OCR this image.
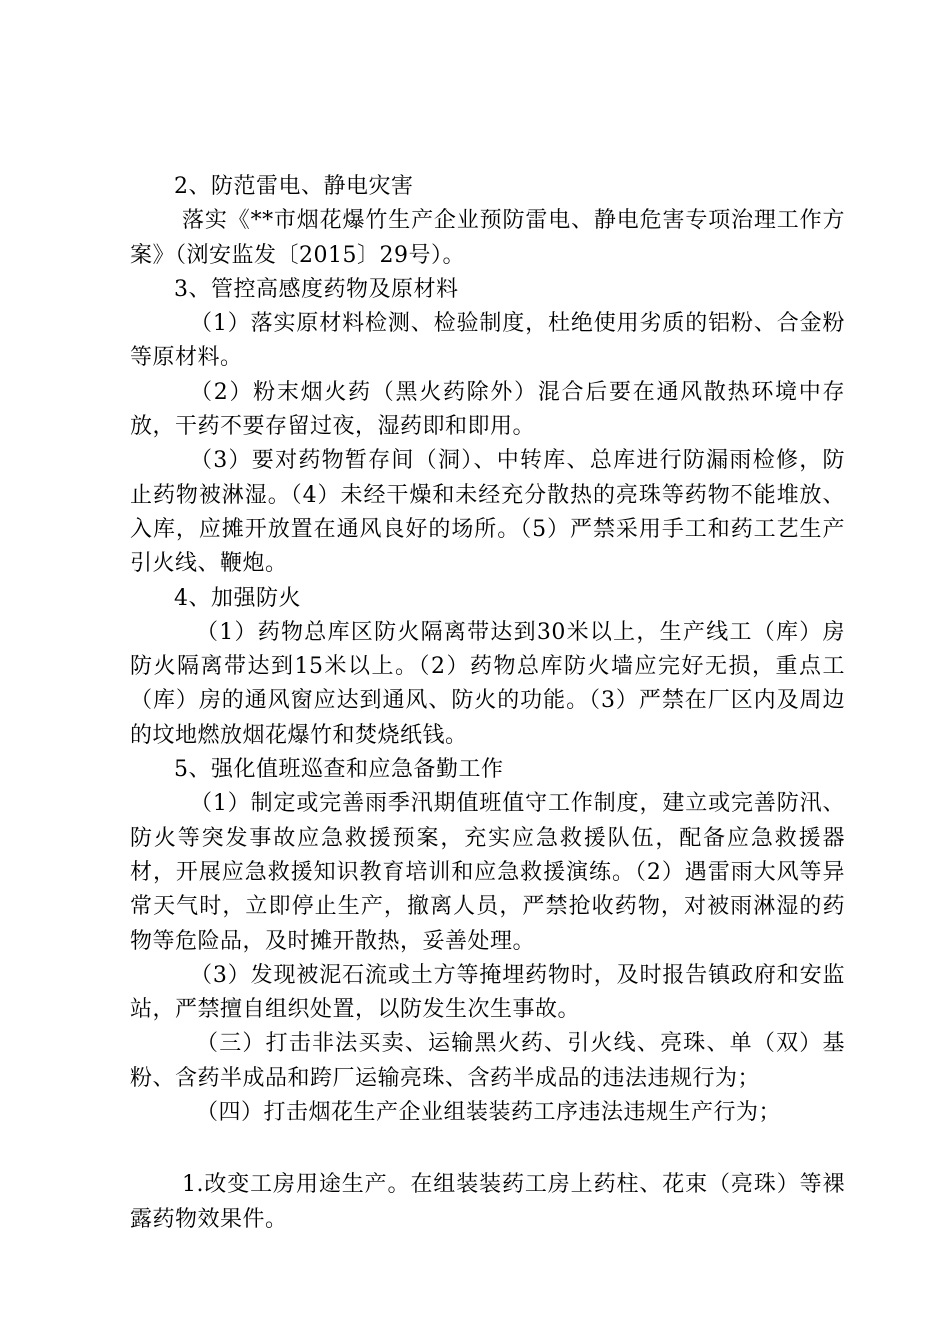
2、防范雷电、静电灾害

落实《**市烟花爆竹生产企业预防雷电、静电危害专项治理工作方案》（浏安监发〔2015〕29号）。

3、管控高感度药物及原材料

（1）落实原材料检测、检验制度，杜绝使用劣质的铝粉、合金粉等原材料。

（2）粉末烟火药（黑火药除外）混合后要在通风散热环境中存放，干药不要存留过夜，湿药即和即用。

（3）要对药物暂存间（洞）、中转库、总库进行防漏雨检修，防止药物被淋湿。（4）未经干燥和未经充分散热的亮珠等药物不能堆放、入库，应摊开放置在通风良好的场所。（5）严禁采用手工和药工艺生产引火线、鞭炮。

4、加强防火

（1）药物总库区防火隔离带达到30米以上，生产线工（库）房防火隔离带达到15米以上。（2）药物总库防火墙应完好无损，重点工（库）房的通风窗应达到通风、防火的功能。（3）严禁在厂区内及周边的坟地燃放烟花爆竹和焚烧纸钱。

5、强化值班巡查和应急备勤工作

（1）制定或完善雨季汛期值班值守工作制度，建立或完善防汛、防火等突发事故应急救援预案，充实应急救援队伍，配备应急救援器材，开展应急救援知识教育培训和应急救援演练。（2）遇雷雨大风等异常天气时，立即停止生产，撤离人员，严禁抢收药物，对被雨淋湿的药物等危险品，及时摊开散热，妥善处理。

（3）发现被泥石流或土方等掩埋药物时，及时报告镇政府和安监站，严禁擅自组织处置，以防发生次生事故。

（三）打击非法买卖、运输黑火药、引火线、亮珠、单（双）基粉、含药半成品和跨厂运输亮珠、含药半成品的违法违规行为；

（四）打击烟花生产企业组装装药工序违法违规生产行为；

1.改变工房用途生产。在组装装药工房上药柱、花束（亮珠）等裸露药物效果件。
